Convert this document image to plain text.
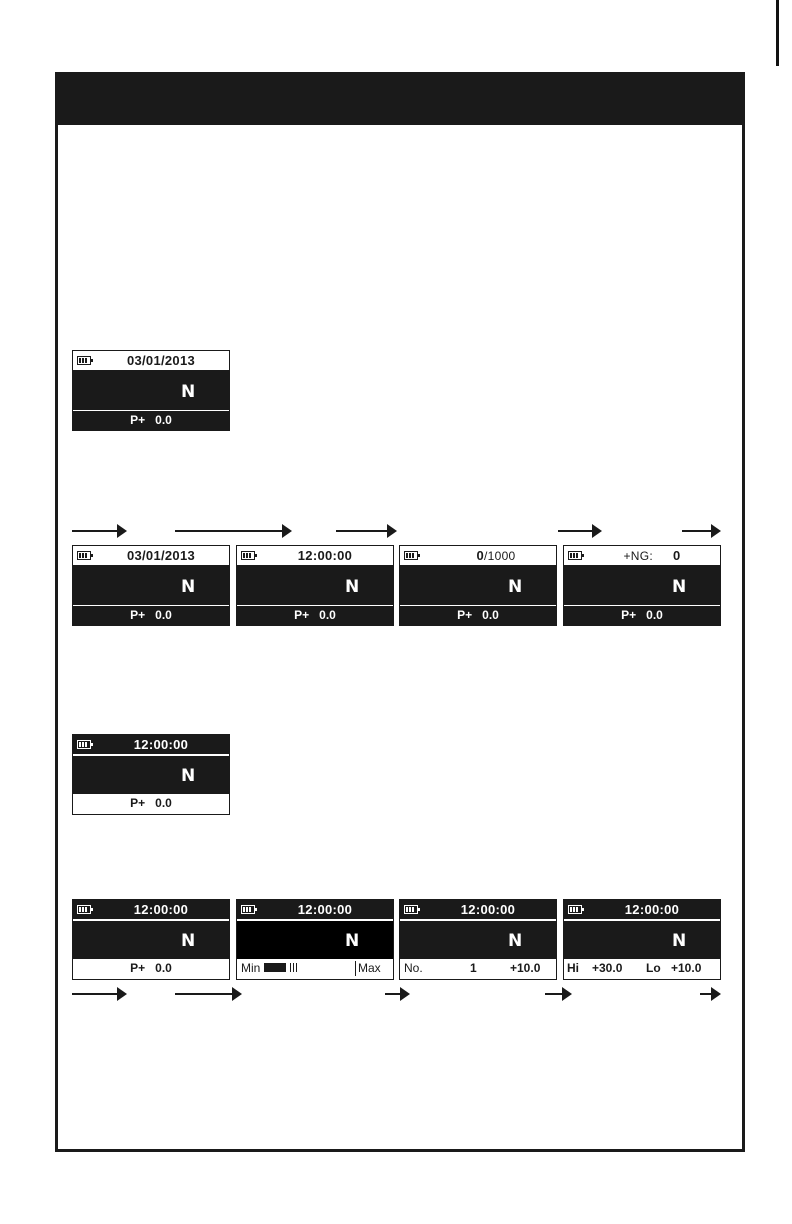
03/01/2013
N
P+ 0.0
03/01/2013
N
P+ 0.0
12:00:00
N
P+ 0.0
0/1000
N
P+ 0.0
+NG: 0
N
P+ 0.0
12:00:00
N
P+ 0.0
12:00:00
N
P+ 0.0
12:00:00
N
Min	Max
12:00:00
N
No.	1	+10.0
12:00:00
N
Hi +30.0 Lo +10.0
